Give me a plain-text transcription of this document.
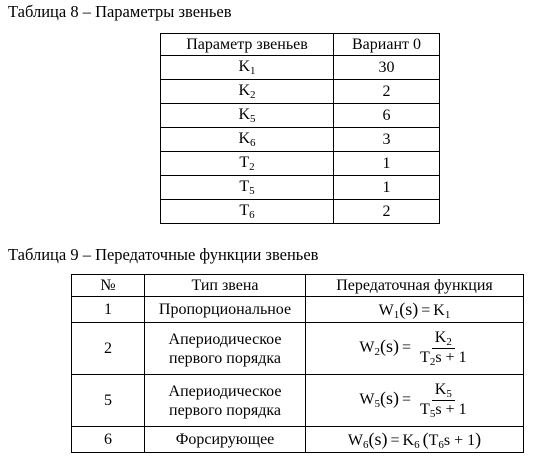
Таблица 8 – Параметры звеньев
Параметр звеньев	Вариант 0
K1	30
K2	2
K5	6
K6	3
T2	1
T5	1
T6	2
Таблица 9 – Передаточные функции звеньев
№	Тип звена	Передаточная функция
1	Пропорциональное	W1(s) = K1
2	Апериодическое
первого порядка	$W2(s) = \frac{K2}{T2s + 1}$

5	Апериодическое
первого порядка	$W5(s) = \frac{K5}{T5s + 1}$

6	Форсирующее	W6(s) = K6 (T6s + 1)
